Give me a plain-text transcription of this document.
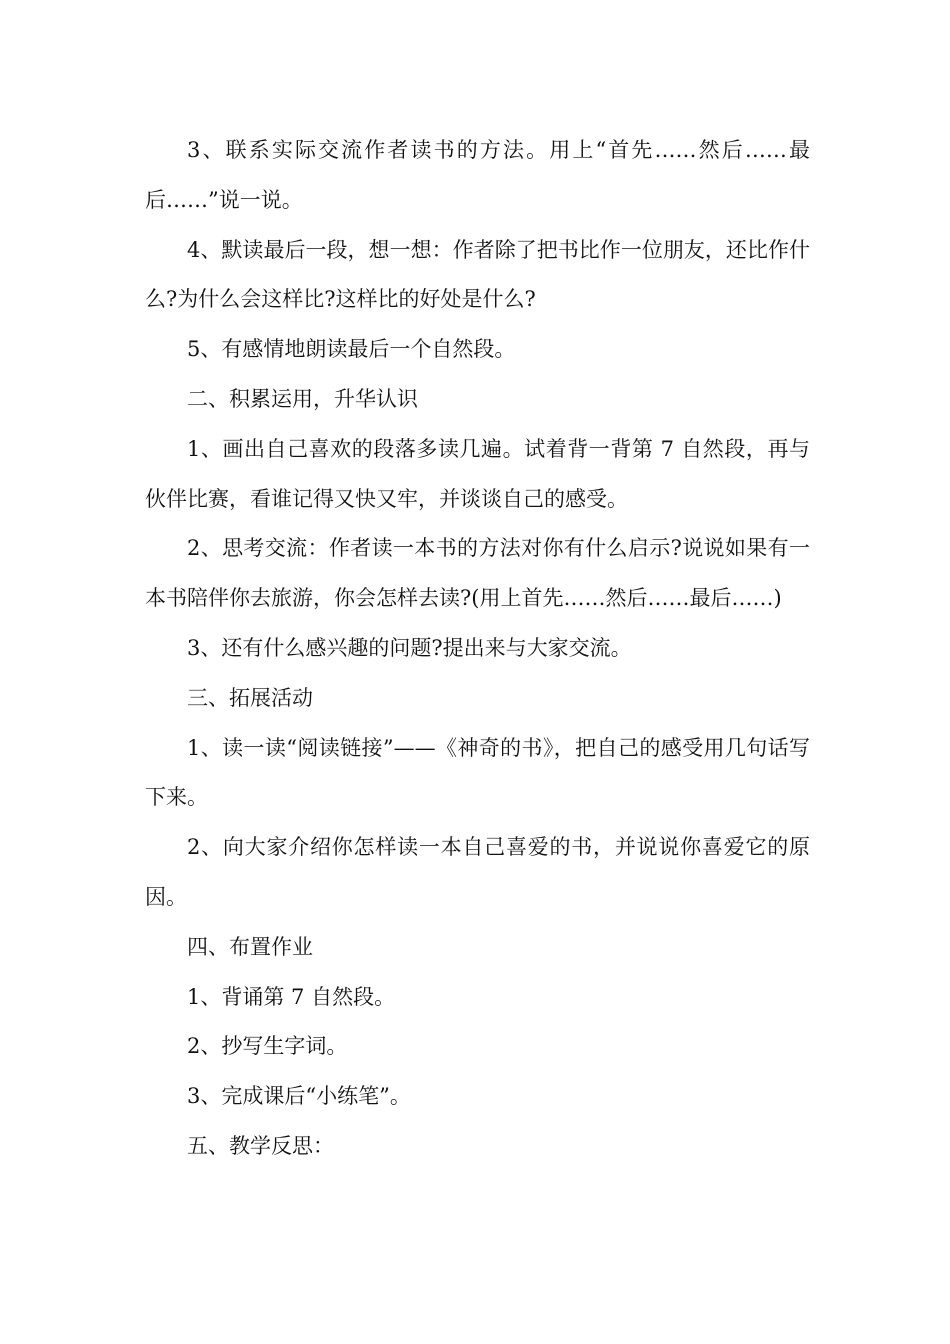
3、联系实际交流作者读书的方法。用上“首先……然后……最后……”说一说。

4、默读最后一段，想一想：作者除了把书比作一位朋友，还比作什么?为什么会这样比?这样比的好处是什么?

5、有感情地朗读最后一个自然段。

二、积累运用，升华认识

1、画出自己喜欢的段落多读几遍。试着背一背第 7 自然段，再与伙伴比赛，看谁记得又快又牢，并谈谈自己的感受。

2、思考交流：作者读一本书的方法对你有什么启示?说说如果有一本书陪伴你去旅游，你会怎样去读?(用上首先……然后……最后……)

3、还有什么感兴趣的问题?提出来与大家交流。

三、拓展活动

1、读一读“阅读链接”——《神奇的书》，把自己的感受用几句话写下来。

2、向大家介绍你怎样读一本自己喜爱的书，并说说你喜爱它的原因。

四、布置作业

1、背诵第 7 自然段。

2、抄写生字词。

3、完成课后“小练笔”。

五、教学反思：
